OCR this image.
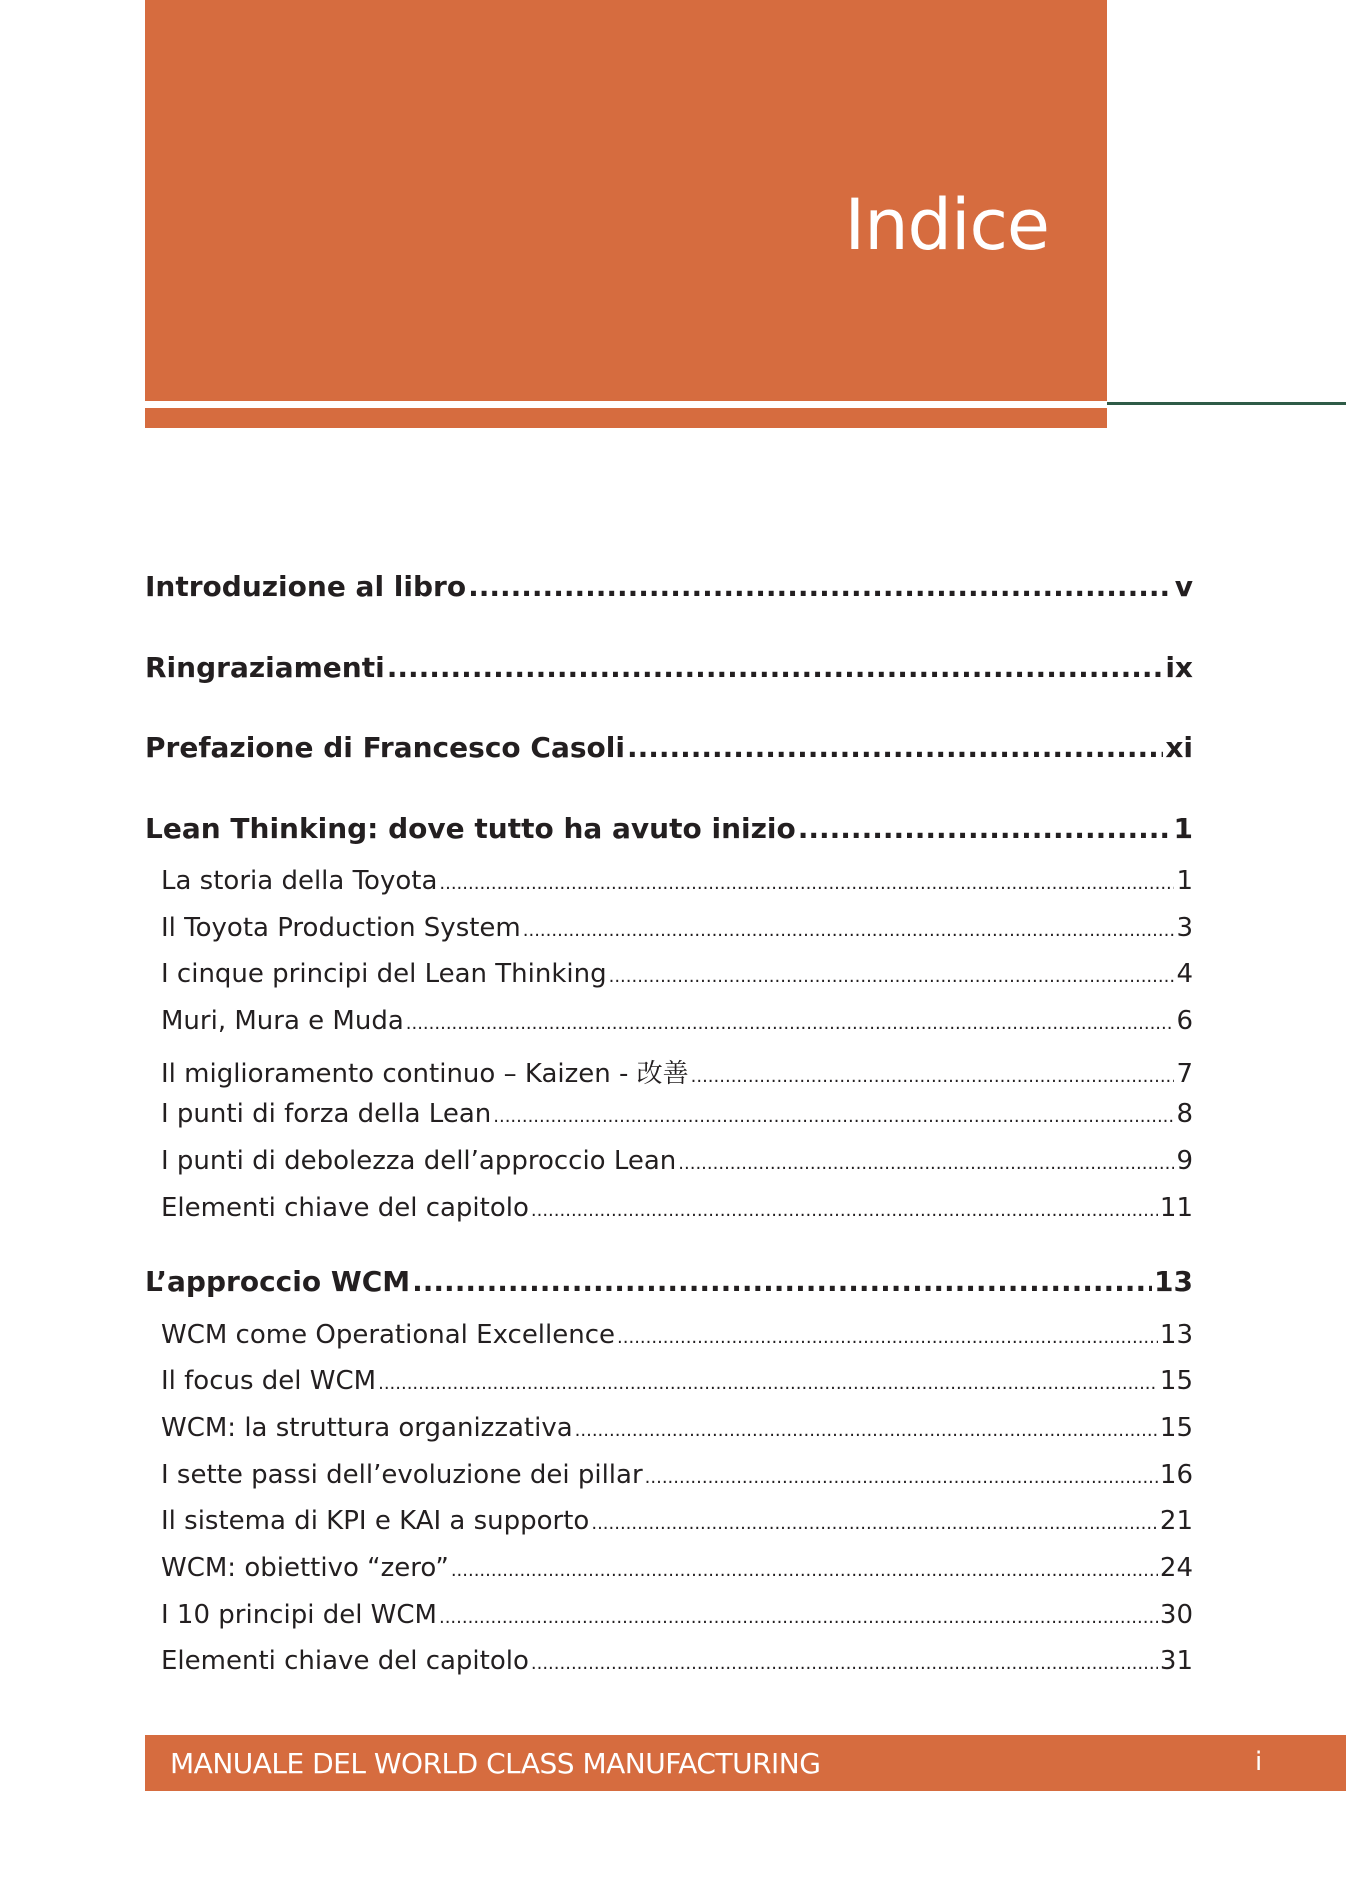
Indice
Introduzione al libro .....	v
Ringraziamenti .....	ix
Prefazione di Francesco Casoli .....	xi
Lean Thinking: dove tutto ha avuto inizio .....	1
La storia della Toyota .....	1
Il Toyota Production System .....	3
I cinque principi del Lean Thinking .....	4
Muri, Mura e Muda .....	6
Il miglioramento continuo – Kaizen - 改善 .....	7
I punti di forza della Lean .....	8
I punti di debolezza dell’approccio Lean .....	9
Elementi chiave del capitolo .....	11
L’approccio WCM .....	13
WCM come Operational Excellence .....	13
Il focus del WCM .....	15
WCM: la struttura organizzativa .....	15
I sette passi dell’evoluzione dei pillar .....	16
Il sistema di KPI e KAI a supporto .....	21
WCM: obiettivo “zero” .....	24
I 10 principi del WCM .....	30
Elementi chiave del capitolo .....	31
MANUALE DEL WORLD CLASS MANUFACTURING	i
